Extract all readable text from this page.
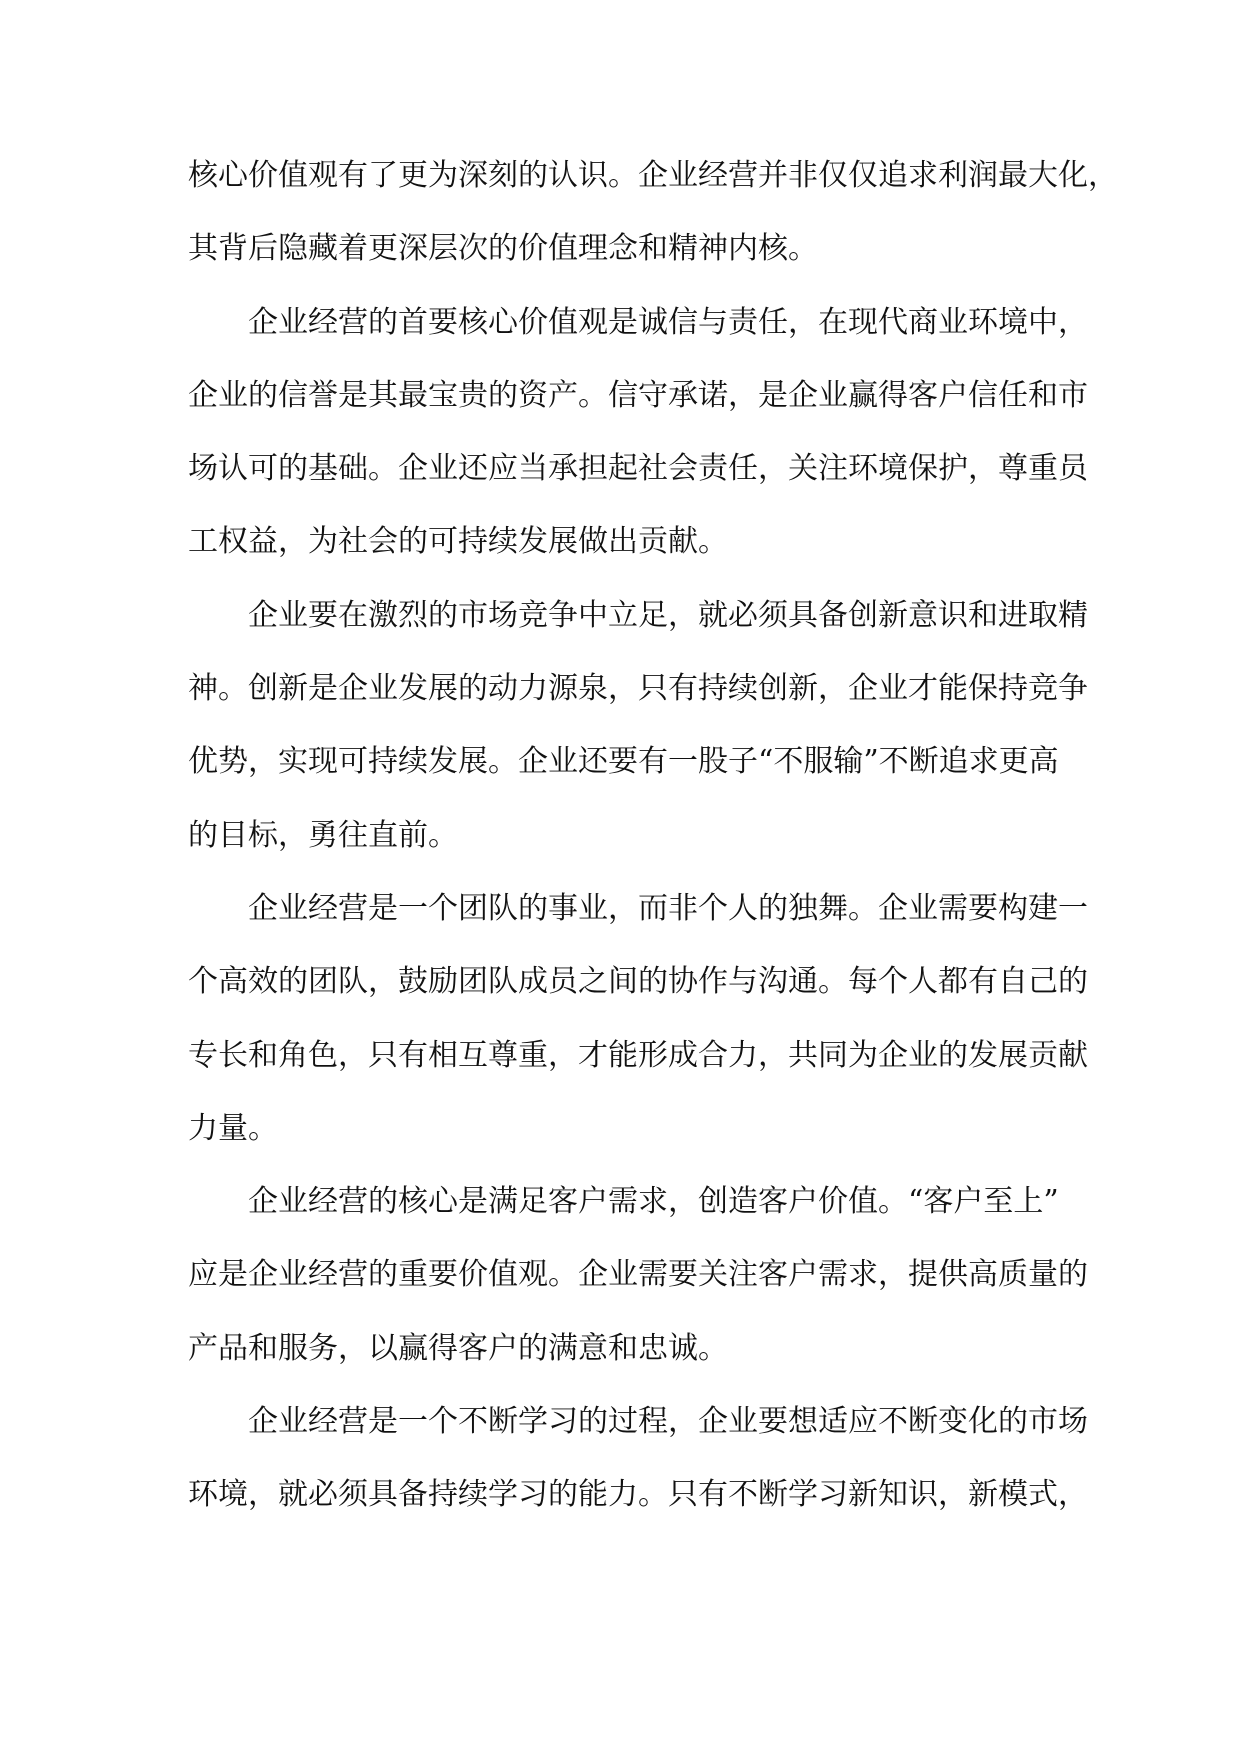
核心价值观有了更为深刻的认识。企业经营并非仅仅追求利润最大化，
其背后隐藏着更深层次的价值理念和精神内核。
企业经营的首要核心价值观是诚信与责任，在现代商业环境中，
企业的信誉是其最宝贵的资产。信守承诺，是企业赢得客户信任和市
场认可的基础。企业还应当承担起社会责任，关注环境保护，尊重员
工权益，为社会的可持续发展做出贡献。
企业要在激烈的市场竞争中立足，就必须具备创新意识和进取精
神。创新是企业发展的动力源泉，只有持续创新，企业才能保持竞争
优势，实现可持续发展。企业还要有一股子“不服输”不断追求更高
的目标，勇往直前。
企业经营是一个团队的事业，而非个人的独舞。企业需要构建一
个高效的团队，鼓励团队成员之间的协作与沟通。每个人都有自己的
专长和角色，只有相互尊重，才能形成合力，共同为企业的发展贡献
力量。
企业经营的核心是满足客户需求，创造客户价值。“客户至上”
应是企业经营的重要价值观。企业需要关注客户需求，提供高质量的
产品和服务，以赢得客户的满意和忠诚。
企业经营是一个不断学习的过程，企业要想适应不断变化的市场
环境，就必须具备持续学习的能力。只有不断学习新知识，新模式，
